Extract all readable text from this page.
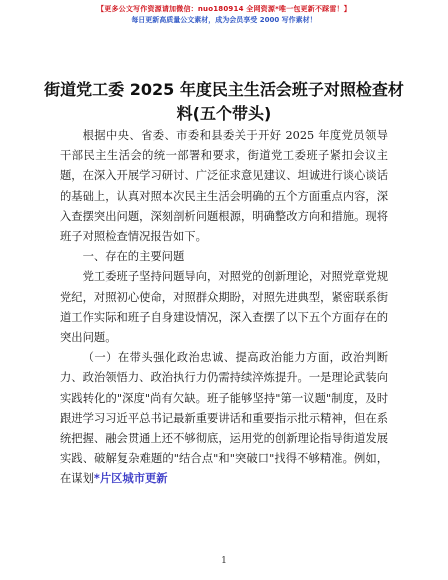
【更多公文写作资源请加微信：nuo180914 全网资源*唯一包更新不踩雷！】
每日更新高质量公文素材，成为会员享受 2000 写作素材！
街道党工委 2025 年度民主生活会班子对照检查材料(五个带头)

根据中央、省委、市委和县委关于开好 2025 年度党员领导干部民主生活会的统一部署和要求，街道党工委班子紧扣会议主题，在深入开展学习研讨、广泛征求意见建议、坦诚进行谈心谈话的基础上，认真对照本次民主生活会明确的五个方面重点内容，深入查摆突出问题，深刻剖析问题根源，明确整改方向和措施。现将班子对照检查情况报告如下。

一、存在的主要问题

党工委班子坚持问题导向，对照党的创新理论，对照党章党规党纪，对照初心使命，对照群众期盼，对照先进典型，紧密联系街道工作实际和班子自身建设情况，深入查摆了以下五个方面存在的突出问题。

（一）在带头强化政治忠诚、提高政治能力方面，政治判断力、政治领悟力、政治执行力仍需持续淬炼提升。一是理论武装向实践转化的"深度"尚有欠缺。班子能够坚持"第一议题"制度，及时跟进学习习近平总书记最新重要讲话和重要指示批示精神，但在系统把握、融会贯通上还不够彻底，运用党的创新理论指导街道发展实践、破解复杂难题的"结合点"和"突破口"找得不够精准。例如，在谋划*片区城市更新

1
